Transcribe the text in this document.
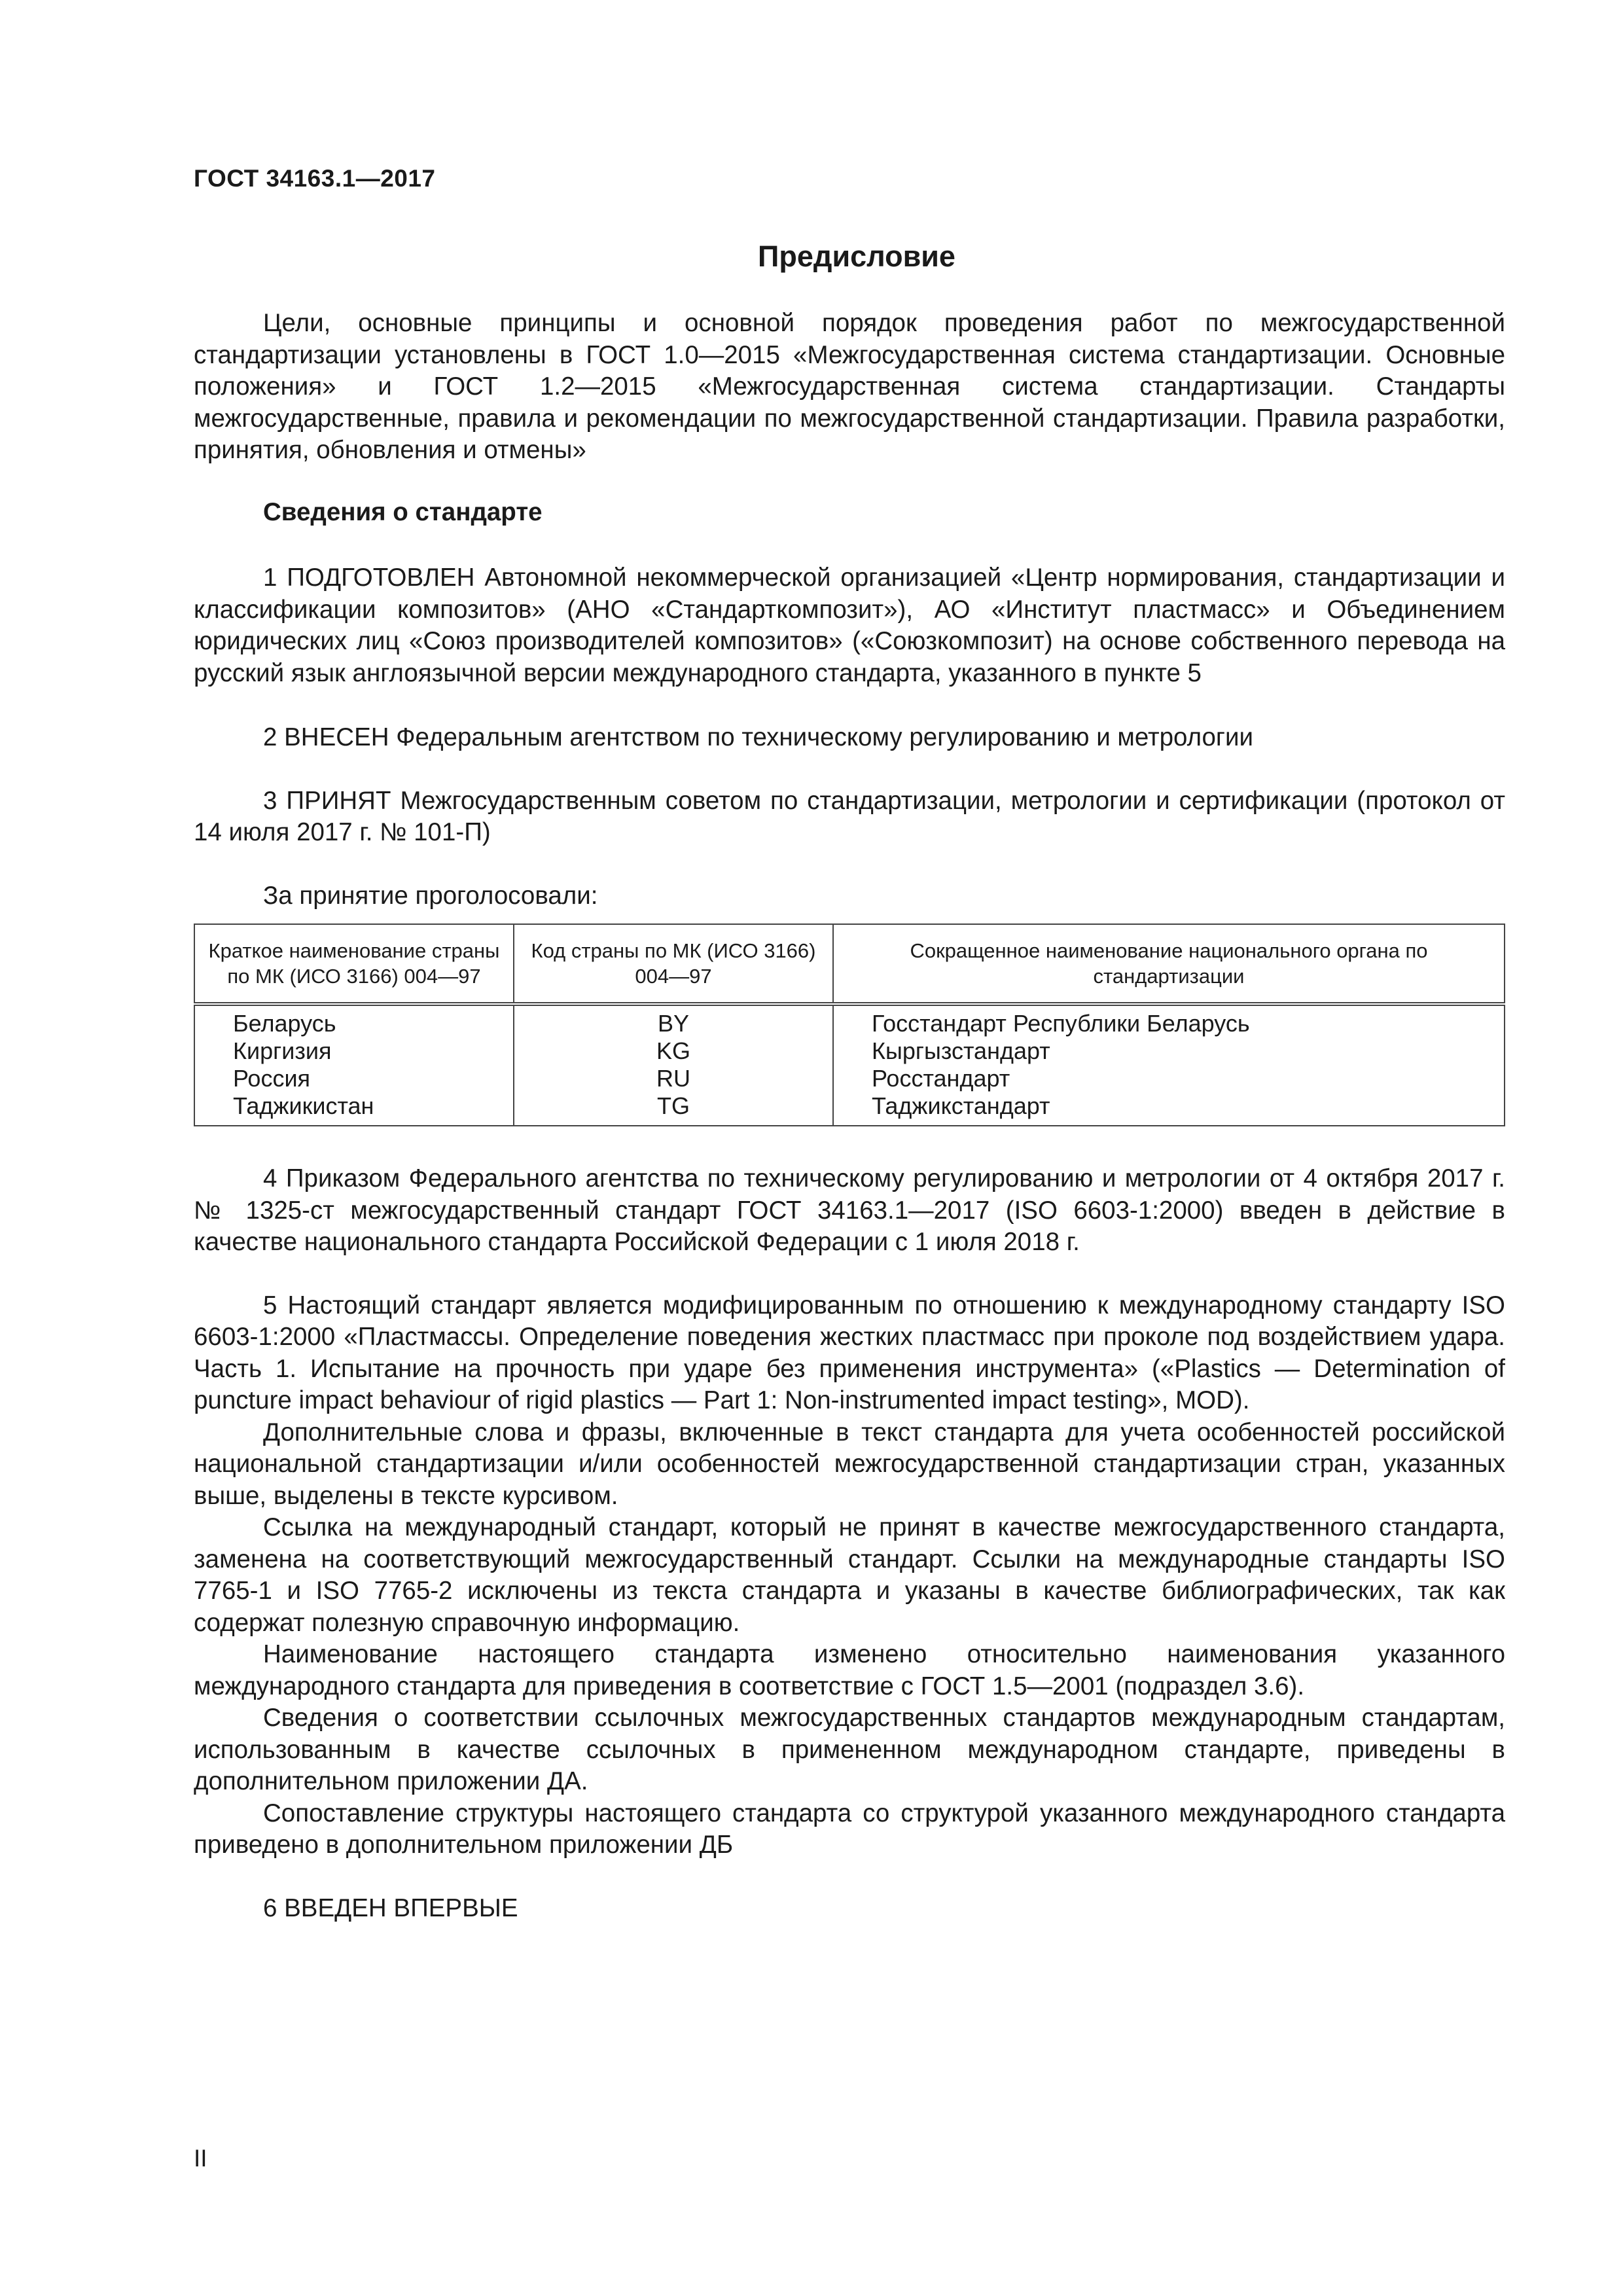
ГОСТ 34163.1—2017
Предисловие

Цели, основные принципы и основной порядок проведения работ по межгосударственной стандартизации установлены в ГОСТ 1.0—2015 «Межгосударственная система стандартизации. Основные положения» и ГОСТ 1.2—2015 «Межгосударственная система стандартизации. Стандарты межгосударственные, правила и рекомендации по межгосударственной стандартизации. Правила разработки, принятия, обновления и отмены»

Сведения о стандарте

1 ПОДГОТОВЛЕН Автономной некоммерческой организацией «Центр нормирования, стандартизации и классификации композитов» (АНО «Стандарткомпозит»), АО «Институт пластмасс» и Объединением юридических лиц «Союз производителей композитов» («Союзкомпозит) на основе собственного перевода на русский язык англоязычной версии международного стандарта, указанного в пункте 5

2 ВНЕСЕН Федеральным агентством по техническому регулированию и метрологии

3 ПРИНЯТ Межгосударственным советом по стандартизации, метрологии и сертификации (протокол от 14 июля 2017 г. № 101-П)

За принятие проголосовали:
Краткое наименование страны по МК (ИСО 3166) 004—97	Код страны по МК (ИСО 3166) 004—97	Сокращенное наименование национального органа по стандартизации
Беларусь	BY	Госстандарт Республики Беларусь
Киргизия	KG	Кыргызстандарт
Россия	RU	Росстандарт
Таджикистан	TG	Таджикстандарт

4 Приказом Федерального агентства по техническому регулированию и метрологии от 4 октября 2017 г. № 1325-ст межгосударственный стандарт ГОСТ 34163.1—2017 (ISO 6603-1:2000) введен в действие в качестве национального стандарта Российской Федерации с 1 июля 2018 г.

5 Настоящий стандарт является модифицированным по отношению к международному стандарту ISO 6603-1:2000 «Пластмассы. Определение поведения жестких пластмасс при проколе под воздействием удара. Часть 1. Испытание на прочность при ударе без применения инструмента» («Plastics — Determination of puncture impact behaviour of rigid plastics — Part 1: Non-instrumented impact testing», MOD).

Дополнительные слова и фразы, включенные в текст стандарта для учета особенностей российской национальной стандартизации и/или особенностей межгосударственной стандартизации стран, указанных выше, выделены в тексте курсивом.

Ссылка на международный стандарт, который не принят в качестве межгосударственного стандарта, заменена на соответствующий межгосударственный стандарт. Ссылки на международные стандарты ISO 7765-1 и ISO 7765-2 исключены из текста стандарта и указаны в качестве библиографических, так как содержат полезную справочную информацию.

Наименование настоящего стандарта изменено относительно наименования указанного международного стандарта для приведения в соответствие с ГОСТ 1.5—2001 (подраздел 3.6).

Сведения о соответствии ссылочных межгосударственных стандартов международным стандартам, использованным в качестве ссылочных в примененном международном стандарте, приведены в дополнительном приложении ДА.

Сопоставление структуры настоящего стандарта со структурой указанного международного стандарта приведено в дополнительном приложении ДБ

6 ВВЕДЕН ВПЕРВЫЕ

II
